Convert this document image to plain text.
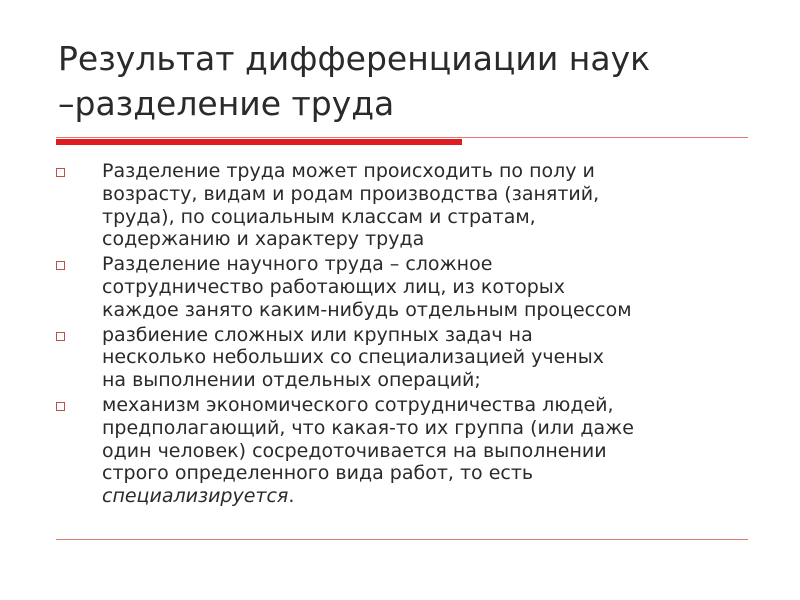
Результат дифференциации наук
–разделение труда
Разделение труда может происходить по полу и
возрасту, видам и родам производства (занятий,
труда), по социальным классам и стратам,
содержанию и характеру труда
Разделение научного труда – сложное
сотрудничество работающих лиц, из которых
каждое занято каким-нибудь отдельным процессом
разбиение сложных или крупных задач на
несколько небольших со специализацией ученых
на выполнении отдельных операций;
механизм экономического сотрудничества людей,
предполагающий, что какая-то их группа (или даже
один человек) сосредоточивается на выполнении
строго определенного вида работ, то есть
специализируется.
